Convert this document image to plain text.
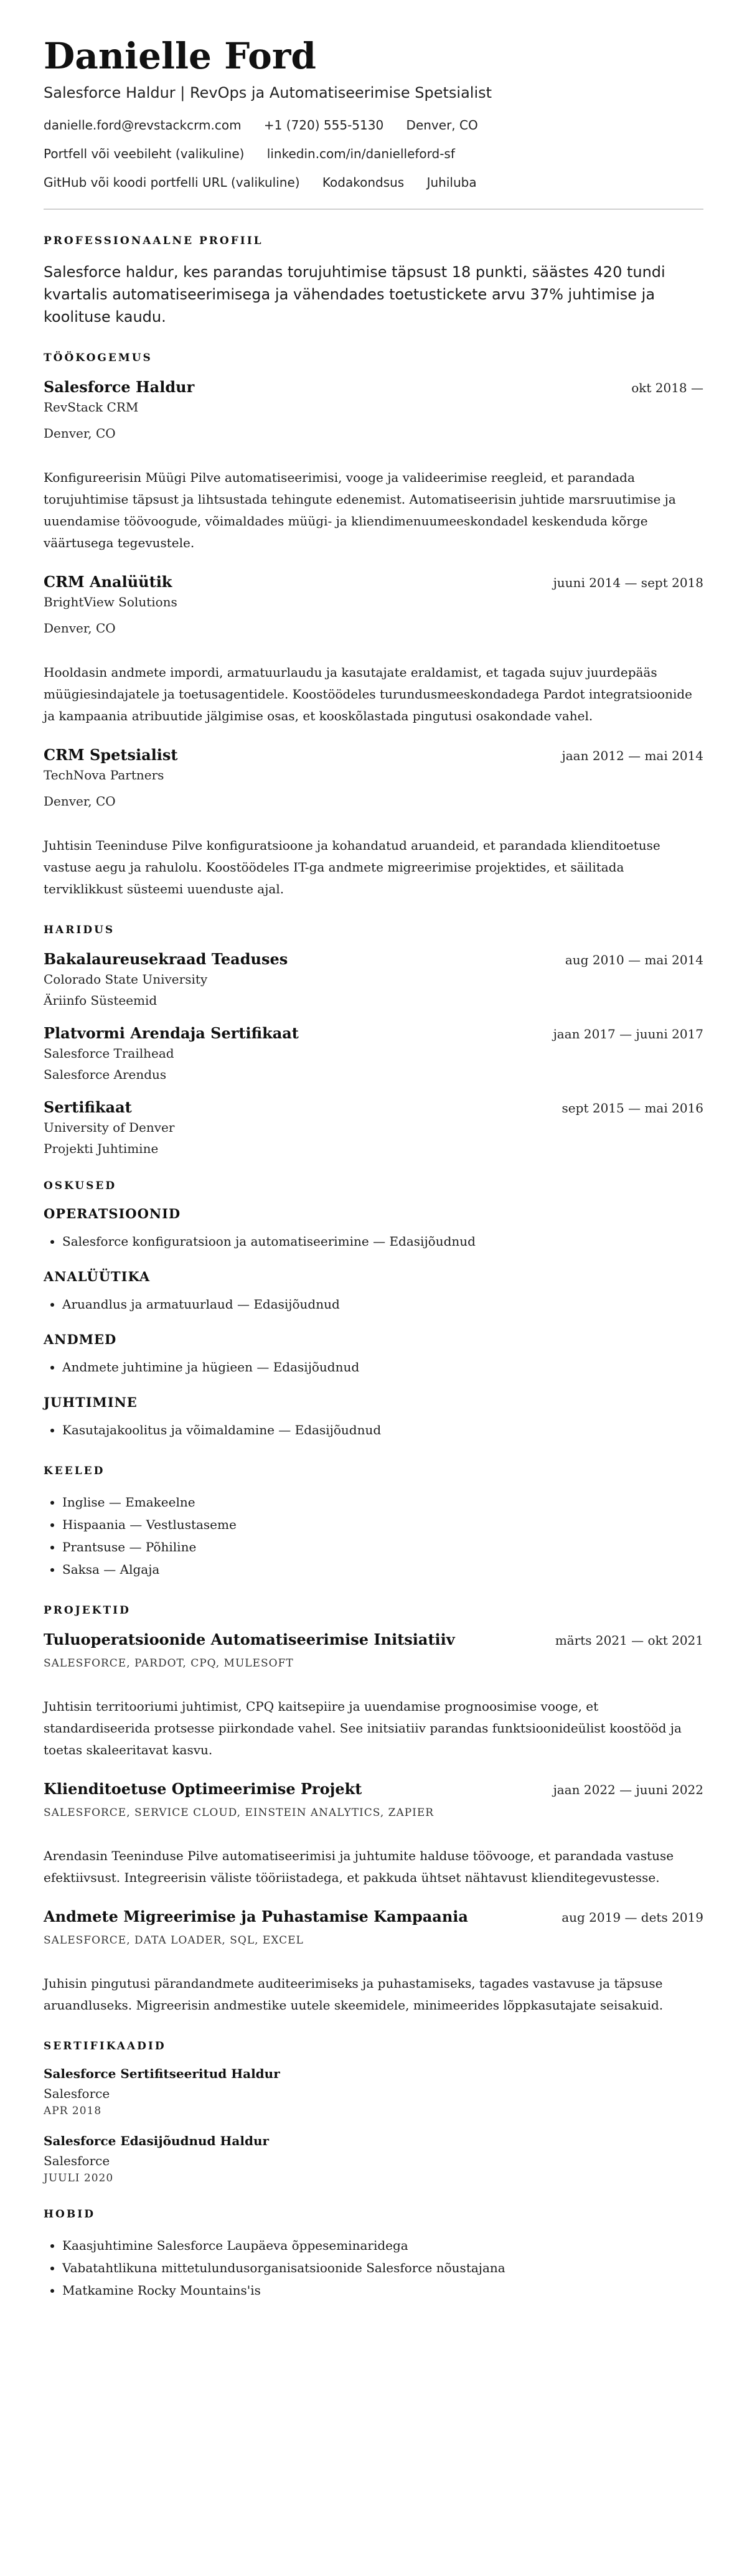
Danielle Ford
Salesforce Haldur | RevOps ja Automatiseerimise Spetsialist
danielle.ford@revstackcrm.com +1 (720) 555-5130 Denver, CO
Portfell või veebileht (valikuline) linkedin.com/in/danielleford-sf
GitHub või koodi portfelli URL (valikuline) Kodakondsus Juhiluba
PROFESSIONAALNE PROFIIL

Salesforce haldur, kes parandas torujuhtimise täpsust 18 punkti, säästes 420 tundi kvartalis automatiseerimisega ja vähendades toetustickete arvu 37% juhtimise ja koolituse kaudu.

TÖÖKOGEMUS
Salesforce Haldur	okt 2018 —
RevStack CRM
Denver, CO
Konfigureerisin Müügi Pilve automatiseerimisi, vooge ja valideerimise reegleid, et parandada torujuhtimise täpsust ja lihtsustada tehingute edenemist. Automatiseerisin juhtide marsruutimise ja uuendamise töövoogude, võimaldades müügi- ja kliendimenuumeeskondadel keskenduda kõrge väärtusega tegevustele.
CRM Analüütik	juuni 2014 — sept 2018
BrightView Solutions
Denver, CO
Hooldasin andmete impordi, armatuurlaudu ja kasutajate eraldamist, et tagada sujuv juurdepääs müügiesindajatele ja toetusagentidele. Koostöödeles turundusmeeskondadega Pardot integratsioonide ja kampaania atribuutide jälgimise osas, et kooskõlastada pingutusi osakondade vahel.
CRM Spetsialist	jaan 2012 — mai 2014
TechNova Partners
Denver, CO
Juhtisin Teeninduse Pilve konfiguratsioone ja kohandatud aruandeid, et parandada klienditoetuse vastuse aegu ja rahulolu. Koostöödeles IT-ga andmete migreerimise projektides, et säilitada terviklikkust süsteemi uuenduste ajal.
HARIDUS
Bakalaureusekraad Teaduses	aug 2010 — mai 2014
Colorado State University
Äriinfo Süsteemid
Platvormi Arendaja Sertifikaat	jaan 2017 — juuni 2017
Salesforce Trailhead
Salesforce Arendus
Sertifikaat	sept 2015 — mai 2016
University of Denver
Projekti Juhtimine
OSKUSED
OPERATSIOONID
• Salesforce konfiguratsioon ja automatiseerimine — Edasijõudnud
ANALÜÜTIKA
• Aruandlus ja armatuurlaud — Edasijõudnud
ANDMED
• Andmete juhtimine ja hügieen — Edasijõudnud
JUHTIMINE
• Kasutajakoolitus ja võimaldamine — Edasijõudnud
KEELED
• Inglise — Emakeelne
• Hispaania — Vestlustaseme
• Prantsuse — Põhiline
• Saksa — Algaja
PROJEKTID
Tuluoperatsioonide Automatiseerimise Initsiatiiv	märts 2021 — okt 2021
SALESFORCE, PARDOT, CPQ, MULESOFT
Juhtisin territooriumi juhtimist, CPQ kaitsepiire ja uuendamise prognoosimise vooge, et standardiseerida protsesse piirkondade vahel. See initsiatiiv parandas funktsioonideülist koostööd ja toetas skaleeritavat kasvu.
Klienditoetuse Optimeerimise Projekt	jaan 2022 — juuni 2022
SALESFORCE, SERVICE CLOUD, EINSTEIN ANALYTICS, ZAPIER
Arendasin Teeninduse Pilve automatiseerimisi ja juhtumite halduse töövooge, et parandada vastuse efektiivsust. Integreerisin väliste tööriistadega, et pakkuda ühtset nähtavust klienditegevustesse.
Andmete Migreerimise ja Puhastamise Kampaania	aug 2019 — dets 2019
SALESFORCE, DATA LOADER, SQL, EXCEL
Juhisin pingutusi pärandandmete auditeerimiseks ja puhastamiseks, tagades vastavuse ja täpsuse aruandluseks. Migreerisin andmestike uutele skeemidele, minimeerides lõppkasutajate seisakuid.
SERTIFIKAADID
Salesforce Sertifitseeritud Haldur
Salesforce
APR 2018
Salesforce Edasijõudnud Haldur
Salesforce
JUULI 2020
HOBID
• Kaasjuhtimine Salesforce Laupäeva õppeseminaridega
• Vabatahtlikuna mittetulundusorganisatsioonide Salesforce nõustajana
• Matkamine Rocky Mountains'is
